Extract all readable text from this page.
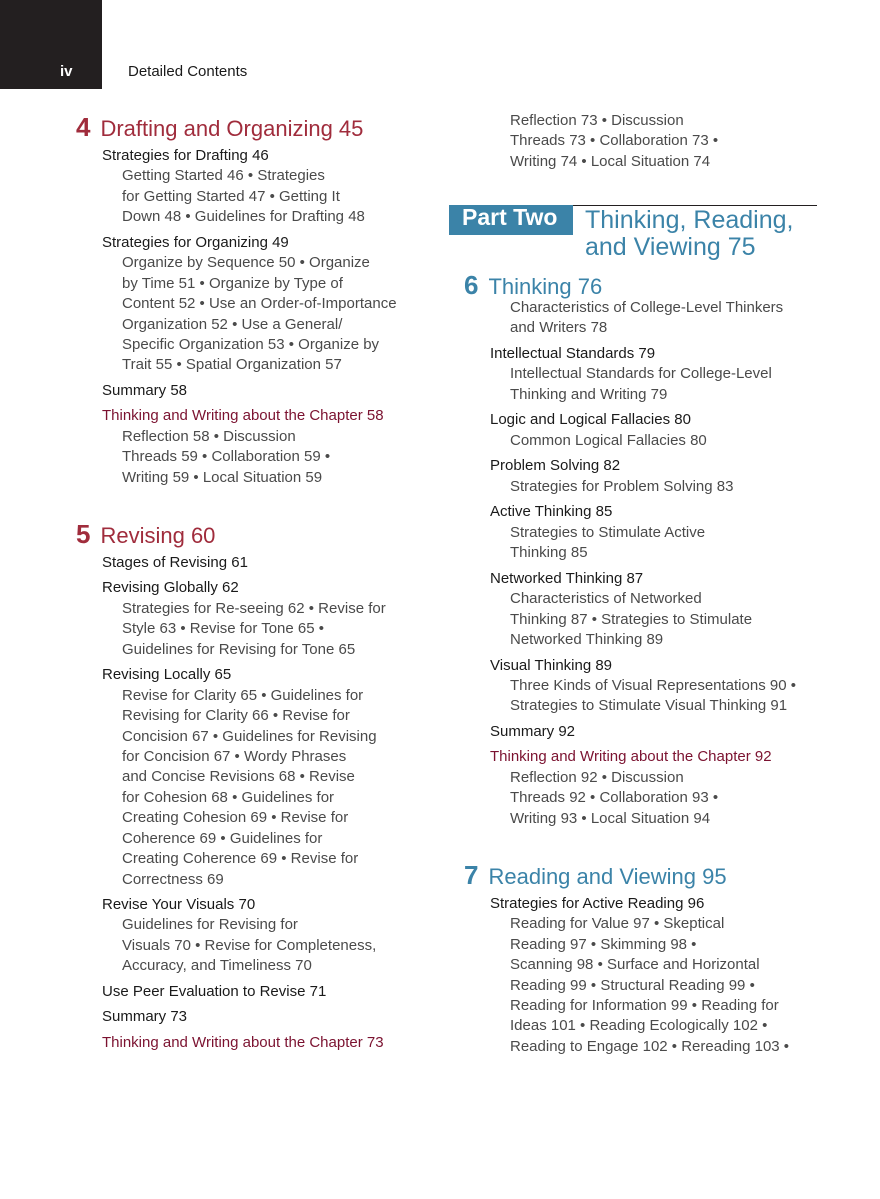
iv	Detailed Contents
4 Drafting and Organizing 45
Strategies for Drafting 46
Getting Started 46 • Strategies
for Getting Started 47 • Getting It
Down 48 • Guidelines for Drafting 48
Strategies for Organizing 49
Organize by Sequence 50 • Organize
by Time 51 • Organize by Type of
Content 52 • Use an Order-of-Importance
Organization 52 • Use a General/
Specific Organization 53 • Organize by
Trait 55 • Spatial Organization 57
Summary 58
Thinking and Writing about the Chapter 58
Reflection 58 • Discussion
Threads 59 • Collaboration 59 •
Writing 59 • Local Situation 59
5 Revising 60
Stages of Revising 61
Revising Globally 62
Strategies for Re-seeing 62 • Revise for
Style 63 • Revise for Tone 65 •
Guidelines for Revising for Tone 65
Revising Locally 65
Revise for Clarity 65 • Guidelines for
Revising for Clarity 66 • Revise for
Concision 67 • Guidelines for Revising
for Concision 67 • Wordy Phrases
and Concise Revisions 68 • Revise
for Cohesion 68 • Guidelines for
Creating Cohesion 69 • Revise for
Coherence 69 • Guidelines for
Creating Coherence 69 • Revise for
Correctness 69
Revise Your Visuals 70
Guidelines for Revising for
Visuals 70 • Revise for Completeness,
Accuracy, and Timeliness 70
Use Peer Evaluation to Revise 71
Summary 73
Thinking and Writing about the Chapter 73
Reflection 73 • Discussion
Threads 73 • Collaboration 73 •
Writing 74 • Local Situation 74
Part Two Thinking, Reading,
and Viewing 75
6 Thinking 76
Characteristics of College-Level Thinkers
and Writers 78
Intellectual Standards 79
Intellectual Standards for College-Level
Thinking and Writing 79
Logic and Logical Fallacies 80
Common Logical Fallacies 80
Problem Solving 82
Strategies for Problem Solving 83
Active Thinking 85
Strategies to Stimulate Active
Thinking 85
Networked Thinking 87
Characteristics of Networked
Thinking 87 • Strategies to Stimulate
Networked Thinking 89
Visual Thinking 89
Three Kinds of Visual Representations 90 •
Strategies to Stimulate Visual Thinking 91
Summary 92
Thinking and Writing about the Chapter 92
Reflection 92 • Discussion
Threads 92 • Collaboration 93 •
Writing 93 • Local Situation 94
7 Reading and Viewing 95
Strategies for Active Reading 96
Reading for Value 97 • Skeptical
Reading 97 • Skimming 98 •
Scanning 98 • Surface and Horizontal
Reading 99 • Structural Reading 99 •
Reading for Information 99 • Reading for
Ideas 101 • Reading Ecologically 102 •
Reading to Engage 102 • Rereading 103 •
